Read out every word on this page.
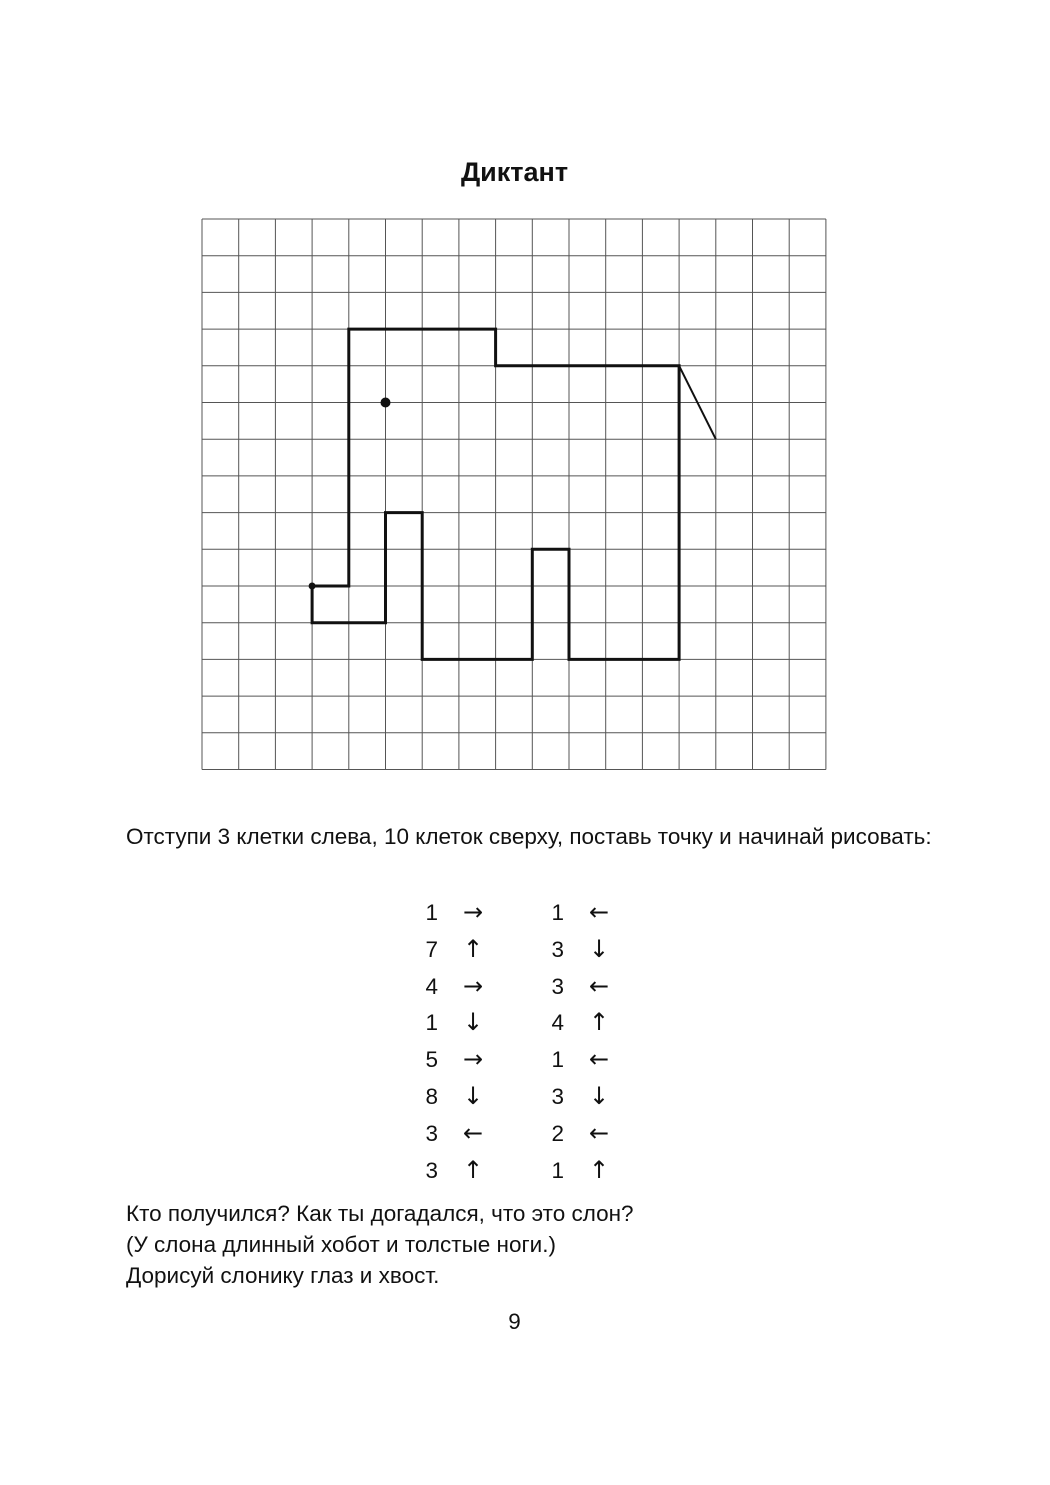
Диктант
Отступи 3 клетки слева, 10 клеток сверху, поставь точку и начинай рисовать:
1 →
7 ↑
4 →
1 ↓
5 →
8 ↓
3 ←
3 ↑
1 ←
3 ↓
3 ←
4 ↑
1 ←
3 ↓
2 ←
1 ↑
Кто получился? Как ты догадался, что это слон?
(У слона длинный хобот и толстые ноги.)
Дорисуй слонику глаз и хвост.
9
